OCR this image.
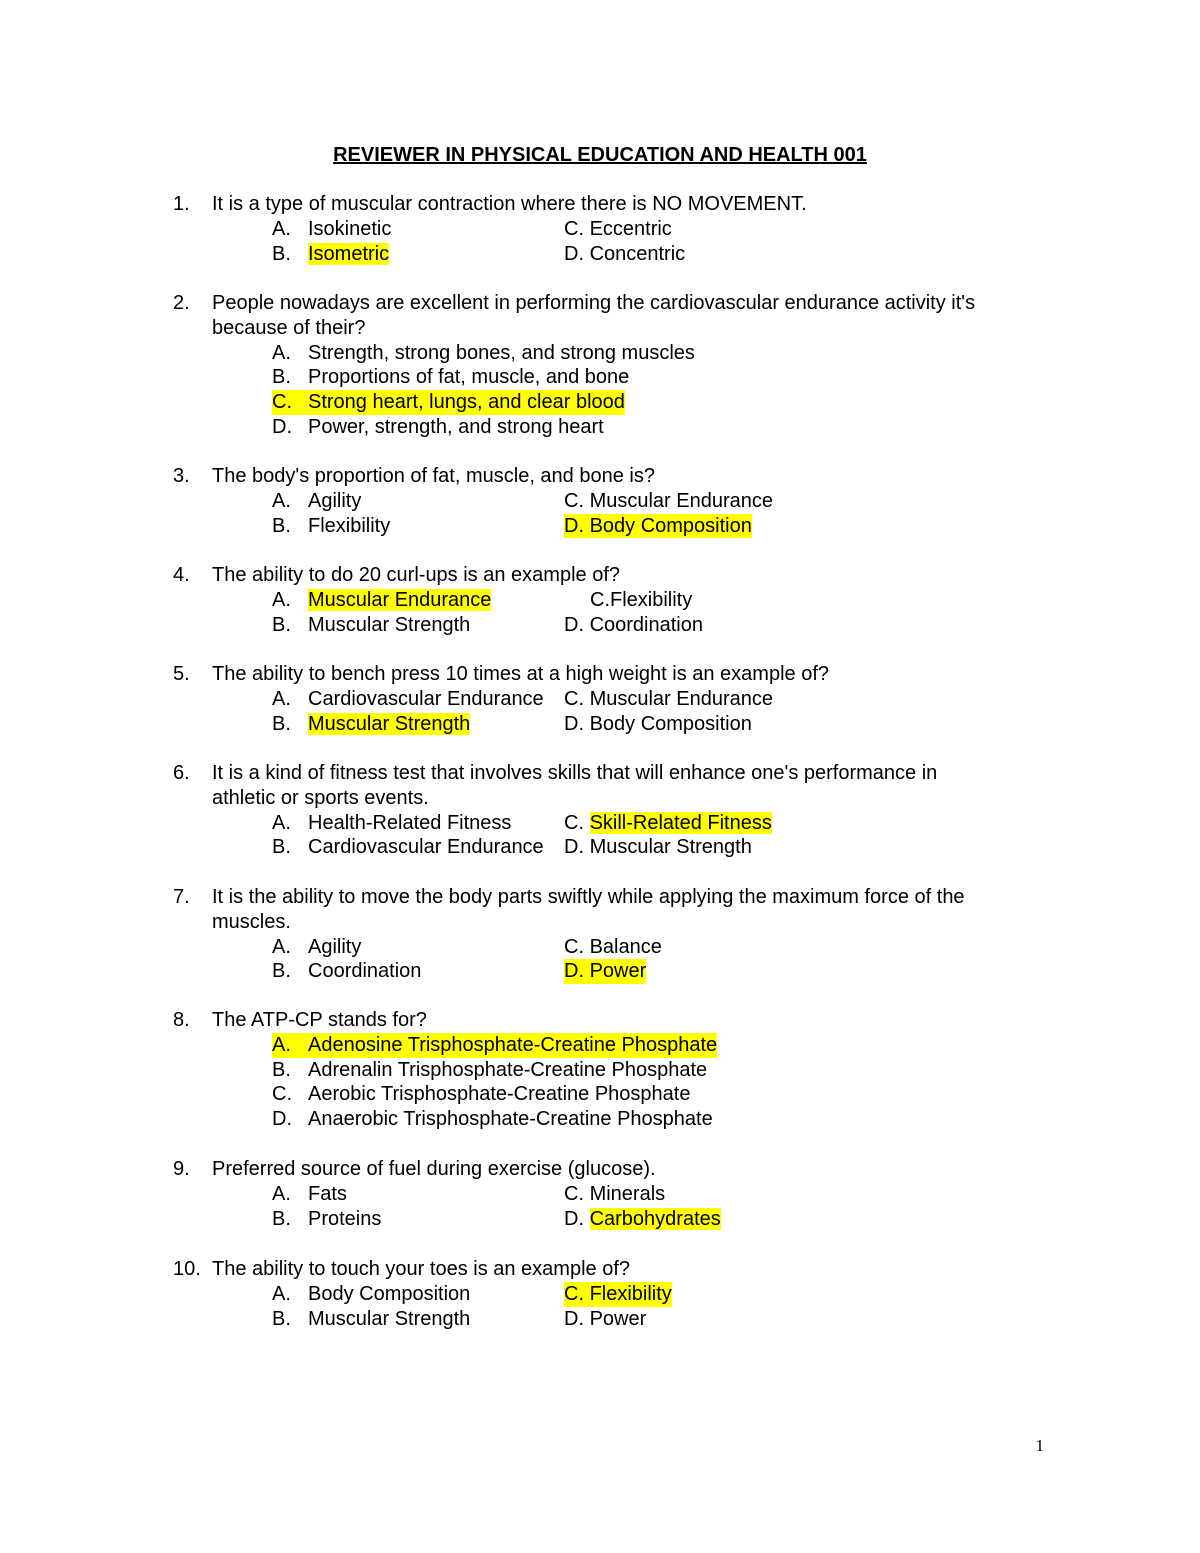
REVIEWER IN PHYSICAL EDUCATION AND HEALTH 001
1. It is a type of muscular contraction where there is NO MOVEMENT.
A. Isokinetic	C. Eccentric
B. Isometric	D. Concentric
2. People nowadays are excellent in performing the cardiovascular endurance activity it's
because of their?
A. Strength, strong bones, and strong muscles
B. Proportions of fat, muscle, and bone
C. Strong heart, lungs, and clear blood
D. Power, strength, and strong heart
3. The body's proportion of fat, muscle, and bone is?
A. Agility	C. Muscular Endurance
B. Flexibility	D. Body Composition
4. The ability to do 20 curl-ups is an example of?
A. Muscular Endurance	C.Flexibility
B. Muscular Strength	D. Coordination
5. The ability to bench press 10 times at a high weight is an example of?
A. Cardiovascular Endurance C. Muscular Endurance
B. Muscular Strength	D. Body Composition
6. It is a kind of fitness test that involves skills that will enhance one's performance in
athletic or sports events.
A. Health-Related Fitness	C. Skill-Related Fitness
B. Cardiovascular Endurance D. Muscular Strength
7. It is the ability to move the body parts swiftly while applying the maximum force of the
muscles.
A. Agility	C. Balance
B. Coordination	D. Power
8. The ATP-CP stands for?
A. Adenosine Trisphosphate-Creatine Phosphate
B. Adrenalin Trisphosphate-Creatine Phosphate
C. Aerobic Trisphosphate-Creatine Phosphate
D. Anaerobic Trisphosphate-Creatine Phosphate
9. Preferred source of fuel during exercise (glucose).
A. Fats	C. Minerals
B. Proteins	D. Carbohydrates
10. The ability to touch your toes is an example of?
A. Body Composition	C. Flexibility
B. Muscular Strength	D. Power
1
